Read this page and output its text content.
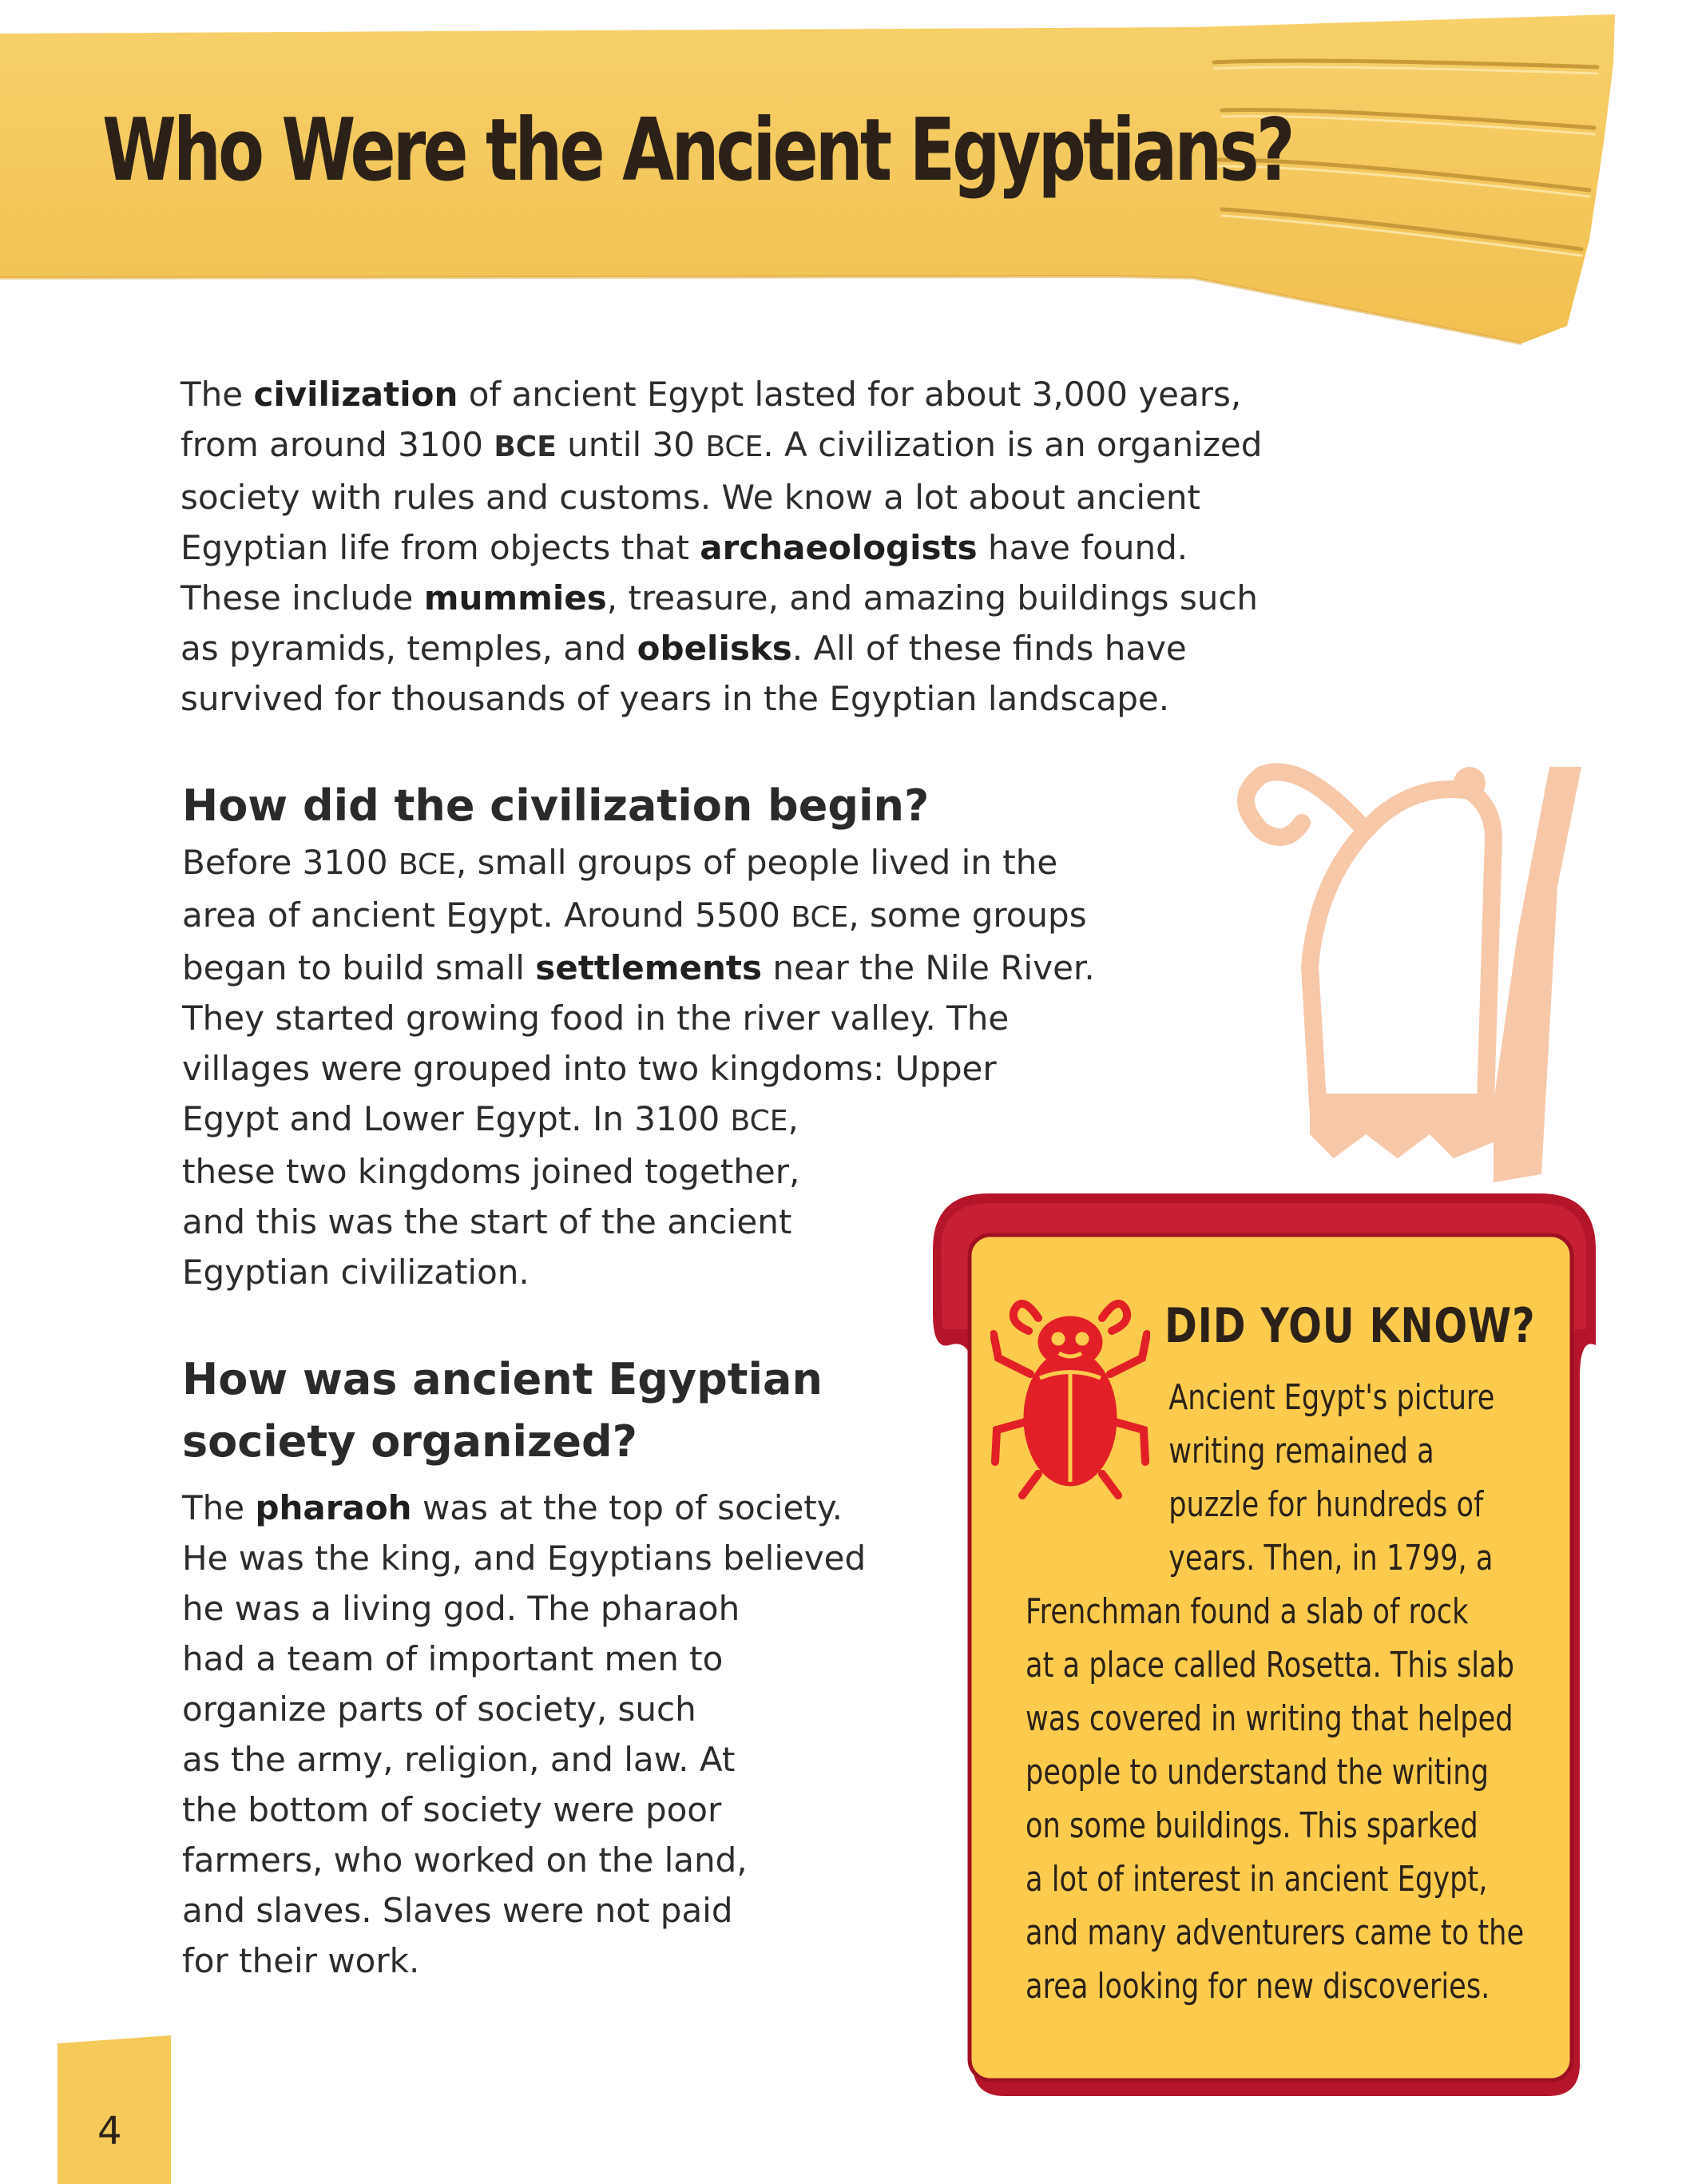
Who Were the Ancient Egyptians?

The civilization of ancient Egypt lasted for about 3,000 years,
from around 3100 BCE until 30 BCE. A civilization is an organized
society with rules and customs. We know a lot about ancient
Egyptian life from objects that archaeologists have found.
These include mummies, treasure, and amazing buildings such
as pyramids, temples, and obelisks. All of these finds have
survived for thousands of years in the Egyptian landscape.

How did the civilization begin?

Before 3100 BCE, small groups of people lived in the
area of ancient Egypt. Around 5500 BCE, some groups
began to build small settlements near the Nile River.
They started growing food in the river valley. The
villages were grouped into two kingdoms: Upper
Egypt and Lower Egypt. In 3100 BCE,
these two kingdoms joined together,
and this was the start of the ancient
Egyptian civilization.

How was ancient Egyptian
society organized?

The pharaoh was at the top of society.
He was the king, and Egyptians believed
he was a living god. The pharaoh
had a team of important men to
organize parts of society, such
as the army, religion, and law. At
the bottom of society were poor
farmers, who worked on the land,
and slaves. Slaves were not paid
for their work.

DID YOU KNOW?
Ancient Egypt's picture
writing remained a
puzzle for hundreds of
years. Then, in 1799, a
Frenchman found a slab of rock
at a place called Rosetta. This slab
was covered in writing that helped
people to understand the writing
on some buildings. This sparked
a lot of interest in ancient Egypt,
and many adventurers came to the
area looking for new discoveries.

4
